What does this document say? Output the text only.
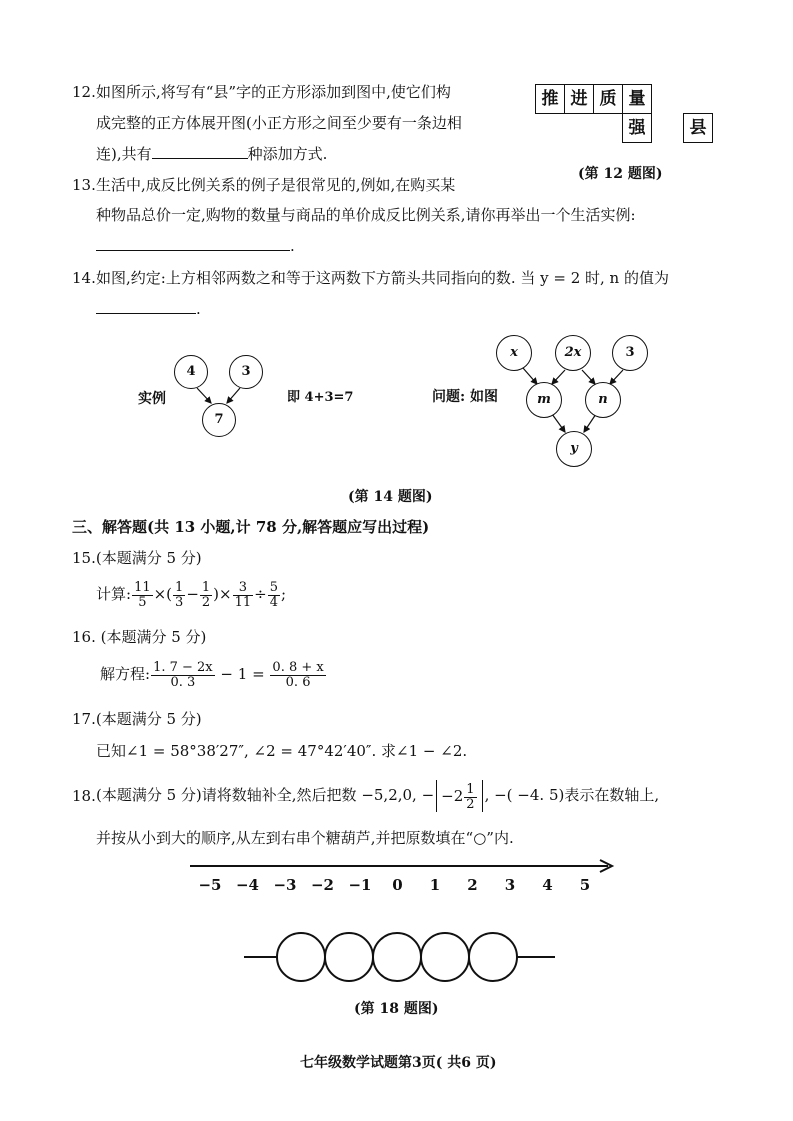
12. 如图所示,将写有“县”字的正方形添加到图中,使它们构
成完整的正方体展开图(小正方形之间至少要有一条边相
连),共有	种添加方式.
推 进 质 量
强	县
(第 12 题图)
13. 生活中,成反比例关系的例子是很常见的,例如,在购买某
种物品总价一定,购物的数量与商品的单价成反比例关系,请你再举出一个生活实例:
.
14. 如图,约定:上方相邻两数之和等于这两数下方箭头共同指向的数. 当 y = 2 时, n 的值为
.
实例
4	3
7
即 4+3=7	问题: 如图
x	2x	3
m	n
y
(第 14 题图)
三、解答题(共 13 小题,计 78 分,解答题应写出过程)
15.(本题满分 5 分)
计算: $\frac{11}{5}$ ×( $\frac{1}{3} - \frac{1}{2}$ )× $\frac{3}{11} \div \frac{5}{4}$ ;
16. (本题满分 5 分)
解方程: $\frac{1. 7 - 2x}{0. 3} - 1 = \frac{0. 8 + x}{0. 6}$
17.(本题满分 5 分)
已知∠1 = 58°38′27″, ∠2 = 47°42′40″. 求∠1 − ∠2.
18. (本题满分 5 分)请将数轴补全,然后把数 −5,2,0, − $-2 \frac{1}{2}$ , −( −4. 5)表示在数轴上,
并按从小到大的顺序,从左到右串个糖葫芦,并把原数填在“○”内.
−5 −4 −3 −2 −1	0	1	2	3	4	5
(第 18 题图)
七年级数学试题第3页( 共6 页)
